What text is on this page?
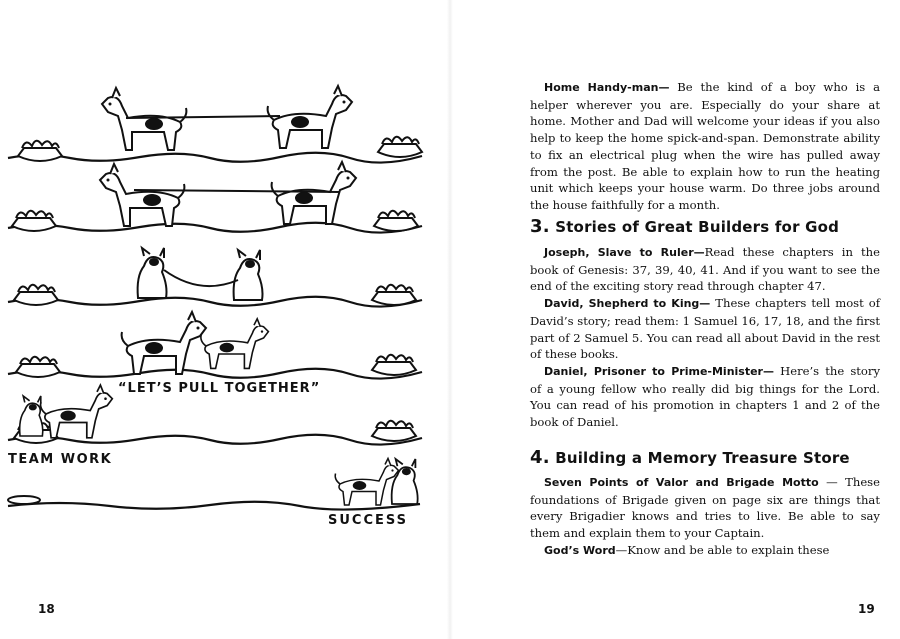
“LET’S PULL TOGETHER”
TEAM WORK
SUCCESS
18

Home Handy-man— Be the kind of a boy who is a helper wherever you are. Especially do your share at home. Mother and Dad will welcome your ideas if you also help to keep the home spick-and-span. Demonstrate ability to fix an electrical plug when the wire has pulled away from the post. Be able to explain how to run the heating unit which keeps your house warm. Do three jobs around the house faithfully for a month.

3. Stories of Great Builders for God

Joseph, Slave to Ruler—Read these chapters in the book of Genesis: 37, 39, 40, 41. And if you want to see the end of the exciting story read through chapter 47.

David, Shepherd to King— These chapters tell most of David’s story; read them: 1 Samuel 16, 17, 18, and the first part of 2 Samuel 5. You can read all about David in the rest of these books.

Daniel, Prisoner to Prime-Minister— Here’s the story of a young fellow who really did big things for the Lord. You can read of his promotion in chapters 1 and 2 of the book of Daniel.

4. Building a Memory Treasure Store

Seven Points of Valor and Brigade Motto — These foundations of Brigade given on page six are things that every Brigadier knows and tries to live. Be able to say them and explain them to your Captain.

God’s Word—Know and be able to explain these

19
